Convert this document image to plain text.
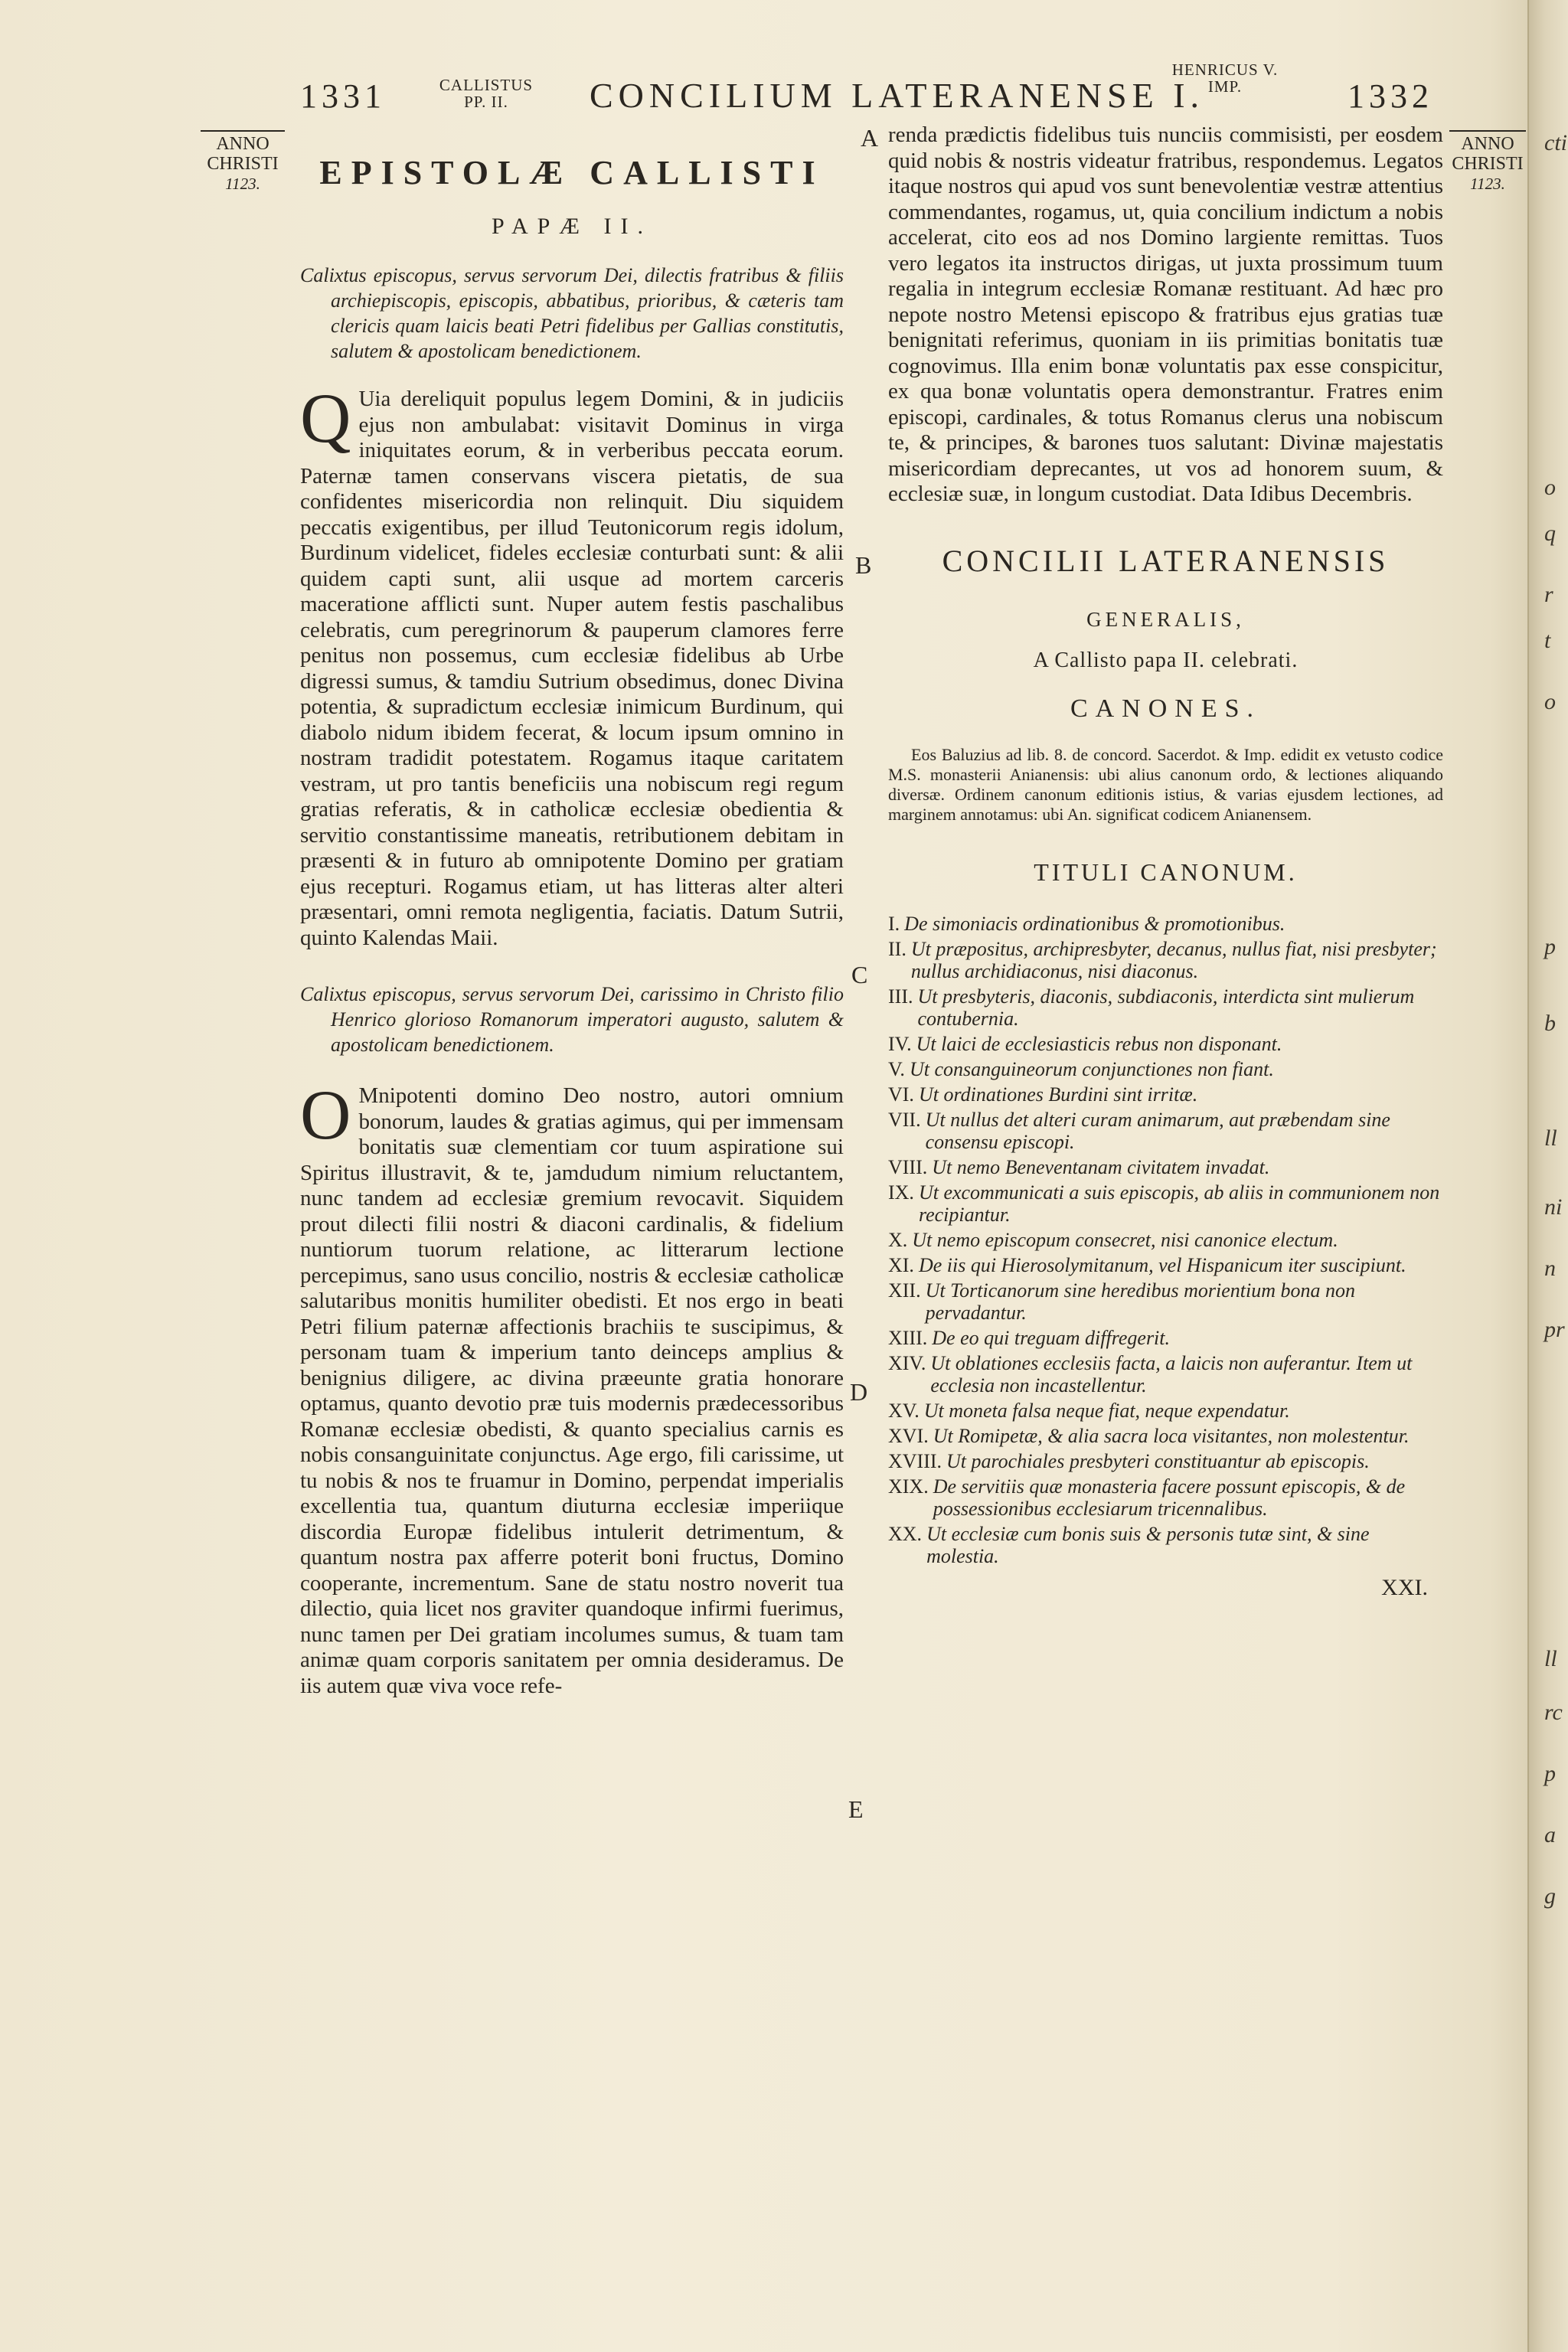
1331	CALLISTUS
PP. II.	CONCILIUM LATERANENSE I.
HENRICUS V.
IMP.	1332
ANNO
CHRISTI
1123.
ANNO
CHRISTI
1123.
A
B
C
D
E
EPISTOLÆ CALLISTI
PAPÆ II.

Calixtus episcopus, servus servorum Dei, dilectis fratribus & filiis archiepiscopis, episcopis, abbatibus, prioribus, & cæteris tam clericis quam laicis beati Petri fidelibus per Gallias constitutis, salutem & apostolicam benedictionem.

Q Uia dereliquit populus legem Domini, & in judiciis ejus non ambulabat: visitavit Dominus in virga iniquitates eorum, & in verberibus peccata eorum. Paternæ tamen conservans viscera pietatis, de sua confidentes misericordia non relinquit. Diu siquidem peccatis exigentibus, per illud Teutonicorum regis idolum, Burdinum videlicet, fideles ecclesiæ conturbati sunt: & alii quidem capti sunt, alii usque ad mortem carceris maceratione afflicti sunt. Nuper autem festis paschalibus celebratis, cum peregrinorum & pauperum clamores ferre penitus non possemus, cum ecclesiæ fidelibus ab Urbe digressi sumus, & tamdiu Sutrium obsedimus, donec Divina potentia, & supradictum ecclesiæ inimicum Burdinum, qui diabolo nidum ibidem fecerat, & locum ipsum omnino in nostram tradidit potestatem. Rogamus itaque caritatem vestram, ut pro tantis beneficiis una nobiscum regi regum gratias referatis, & in catholicæ ecclesiæ obedientia & servitio constantissime maneatis, retributionem debitam in præsenti & in futuro ab omnipotente Domino per gratiam ejus recepturi. Rogamus etiam, ut has litteras alter alteri præsentari, omni remota negligentia, faciatis. Datum Sutrii, quinto Kalendas Maii.

Calixtus episcopus, servus servorum Dei, carissimo in Christo filio Henrico glorioso Romanorum imperatori augusto, salutem & apostolicam benedictionem.

O Mnipotenti domino Deo nostro, autori omnium bonorum, laudes & gratias agimus, qui per immensam bonitatis suæ clementiam cor tuum aspiratione sui Spiritus illustravit, & te, jamdudum nimium reluctantem, nunc tandem ad ecclesiæ gremium revocavit. Siquidem prout dilecti filii nostri & diaconi cardinalis, & fidelium nuntiorum tuorum relatione, ac litterarum lectione percepimus, sano usus concilio, nostris & ecclesiæ catholicæ salutaribus monitis humiliter obedisti. Et nos ergo in beati Petri filium paternæ affectionis brachiis te suscipimus, & personam tuam & imperium tanto deinceps amplius & benignius diligere, ac divina præeunte gratia honorare optamus, quanto devotio præ tuis modernis prædecessoribus Romanæ ecclesiæ obedisti, & quanto specialius carnis es nobis consanguinitate conjunctus. Age ergo, fili carissime, ut tu nobis & nos te fruamur in Domino, perpendat imperialis excellentia tua, quantum diuturna ecclesiæ imperiique discordia Europæ fidelibus intulerit detrimentum, & quantum nostra pax afferre poterit boni fructus, Domino cooperante, incrementum. Sane de statu nostro noverit tua dilectio, quia licet nos graviter quandoque infirmi fuerimus, nunc tamen per Dei gratiam incolumes sumus, & tuam tam animæ quam corporis sanitatem per omnia desideramus. De iis autem quæ viva voce refe-

renda prædictis fidelibus tuis nunciis commisisti, per eosdem quid nobis & nostris videatur fratribus, respondemus. Legatos itaque nostros qui apud vos sunt benevolentiæ vestræ attentius commendantes, rogamus, ut, quia concilium indictum a nobis accelerat, cito eos ad nos Domino largiente remittas. Tuos vero legatos ita instructos dirigas, ut juxta prossimum tuum regalia in integrum ecclesiæ Romanæ restituant. Ad hæc pro nepote nostro Metensi episcopo & fratribus ejus gratias tuæ benignitati referimus, quoniam in iis primitias bonitatis tuæ cognovimus. Illa enim bonæ voluntatis pax esse conspicitur, ex qua bonæ voluntatis opera demonstrantur. Fratres enim episcopi, cardinales, & totus Romanus clerus una nobiscum te, & principes, & barones tuos salutant: Divinæ majestatis misericordiam deprecantes, ut vos ad honorem suum, & ecclesiæ suæ, in longum custodiat. Data Idibus Decembris.

CONCILII LATERANENSIS
GENERALIS,
A Callisto papa II. celebrati.
CANONES.

Eos Baluzius ad lib. 8. de concord. Sacerdot. & Imp. edidit ex vetusto codice M.S. monasterii Anianensis: ubi alius canonum ordo, & lectiones aliquando diversæ. Ordinem canonum editionis istius, & varias ejusdem lectiones, ad marginem annotamus: ubi An. significat codicem Anianensem.

TITULI CANONUM.
I. De simoniacis ordinationibus & promotionibus.
II. Ut præpositus, archipresbyter, decanus, nullus fiat, nisi presbyter; nullus archidiaconus, nisi diaconus.
III. Ut presbyteris, diaconis, subdiaconis, interdicta sint mulierum contubernia.
IV. Ut laici de ecclesiasticis rebus non disponant.
V. Ut consanguineorum conjunctiones non fiant.
VI. Ut ordinationes Burdini sint irritæ.
VII. Ut nullus det alteri curam animarum, aut præbendam sine consensu episcopi.
VIII. Ut nemo Beneventanam civitatem invadat.
IX. Ut excommunicati a suis episcopis, ab aliis in communionem non recipiantur.
X. Ut nemo episcopum consecret, nisi canonice electum.
XI. De iis qui Hierosolymitanum, vel Hispanicum iter suscipiunt.
XII. Ut Torticanorum sine heredibus morientium bona non pervadantur.
XIII. De eo qui treguam diffregerit.
XIV. Ut oblationes ecclesiis facta, a laicis non auferantur. Item ut ecclesia non incastellentur.
XV. Ut moneta falsa neque fiat, neque expendatur.
XVI. Ut Romipetæ, & alia sacra loca visitantes, non molestentur.
XVIII. Ut parochiales presbyteri constituantur ab episcopis.
XIX. De servitiis quæ monasteria facere possunt episcopis, & de possessionibus ecclesiarum tricennalibus.
XX. Ut ecclesiæ cum bonis suis & personis tutæ sint, & sine molestia.
XXI.
cti
o
q
r
t
o
p
b
ll
ni
n
pr
ll
rc
p
a
g
